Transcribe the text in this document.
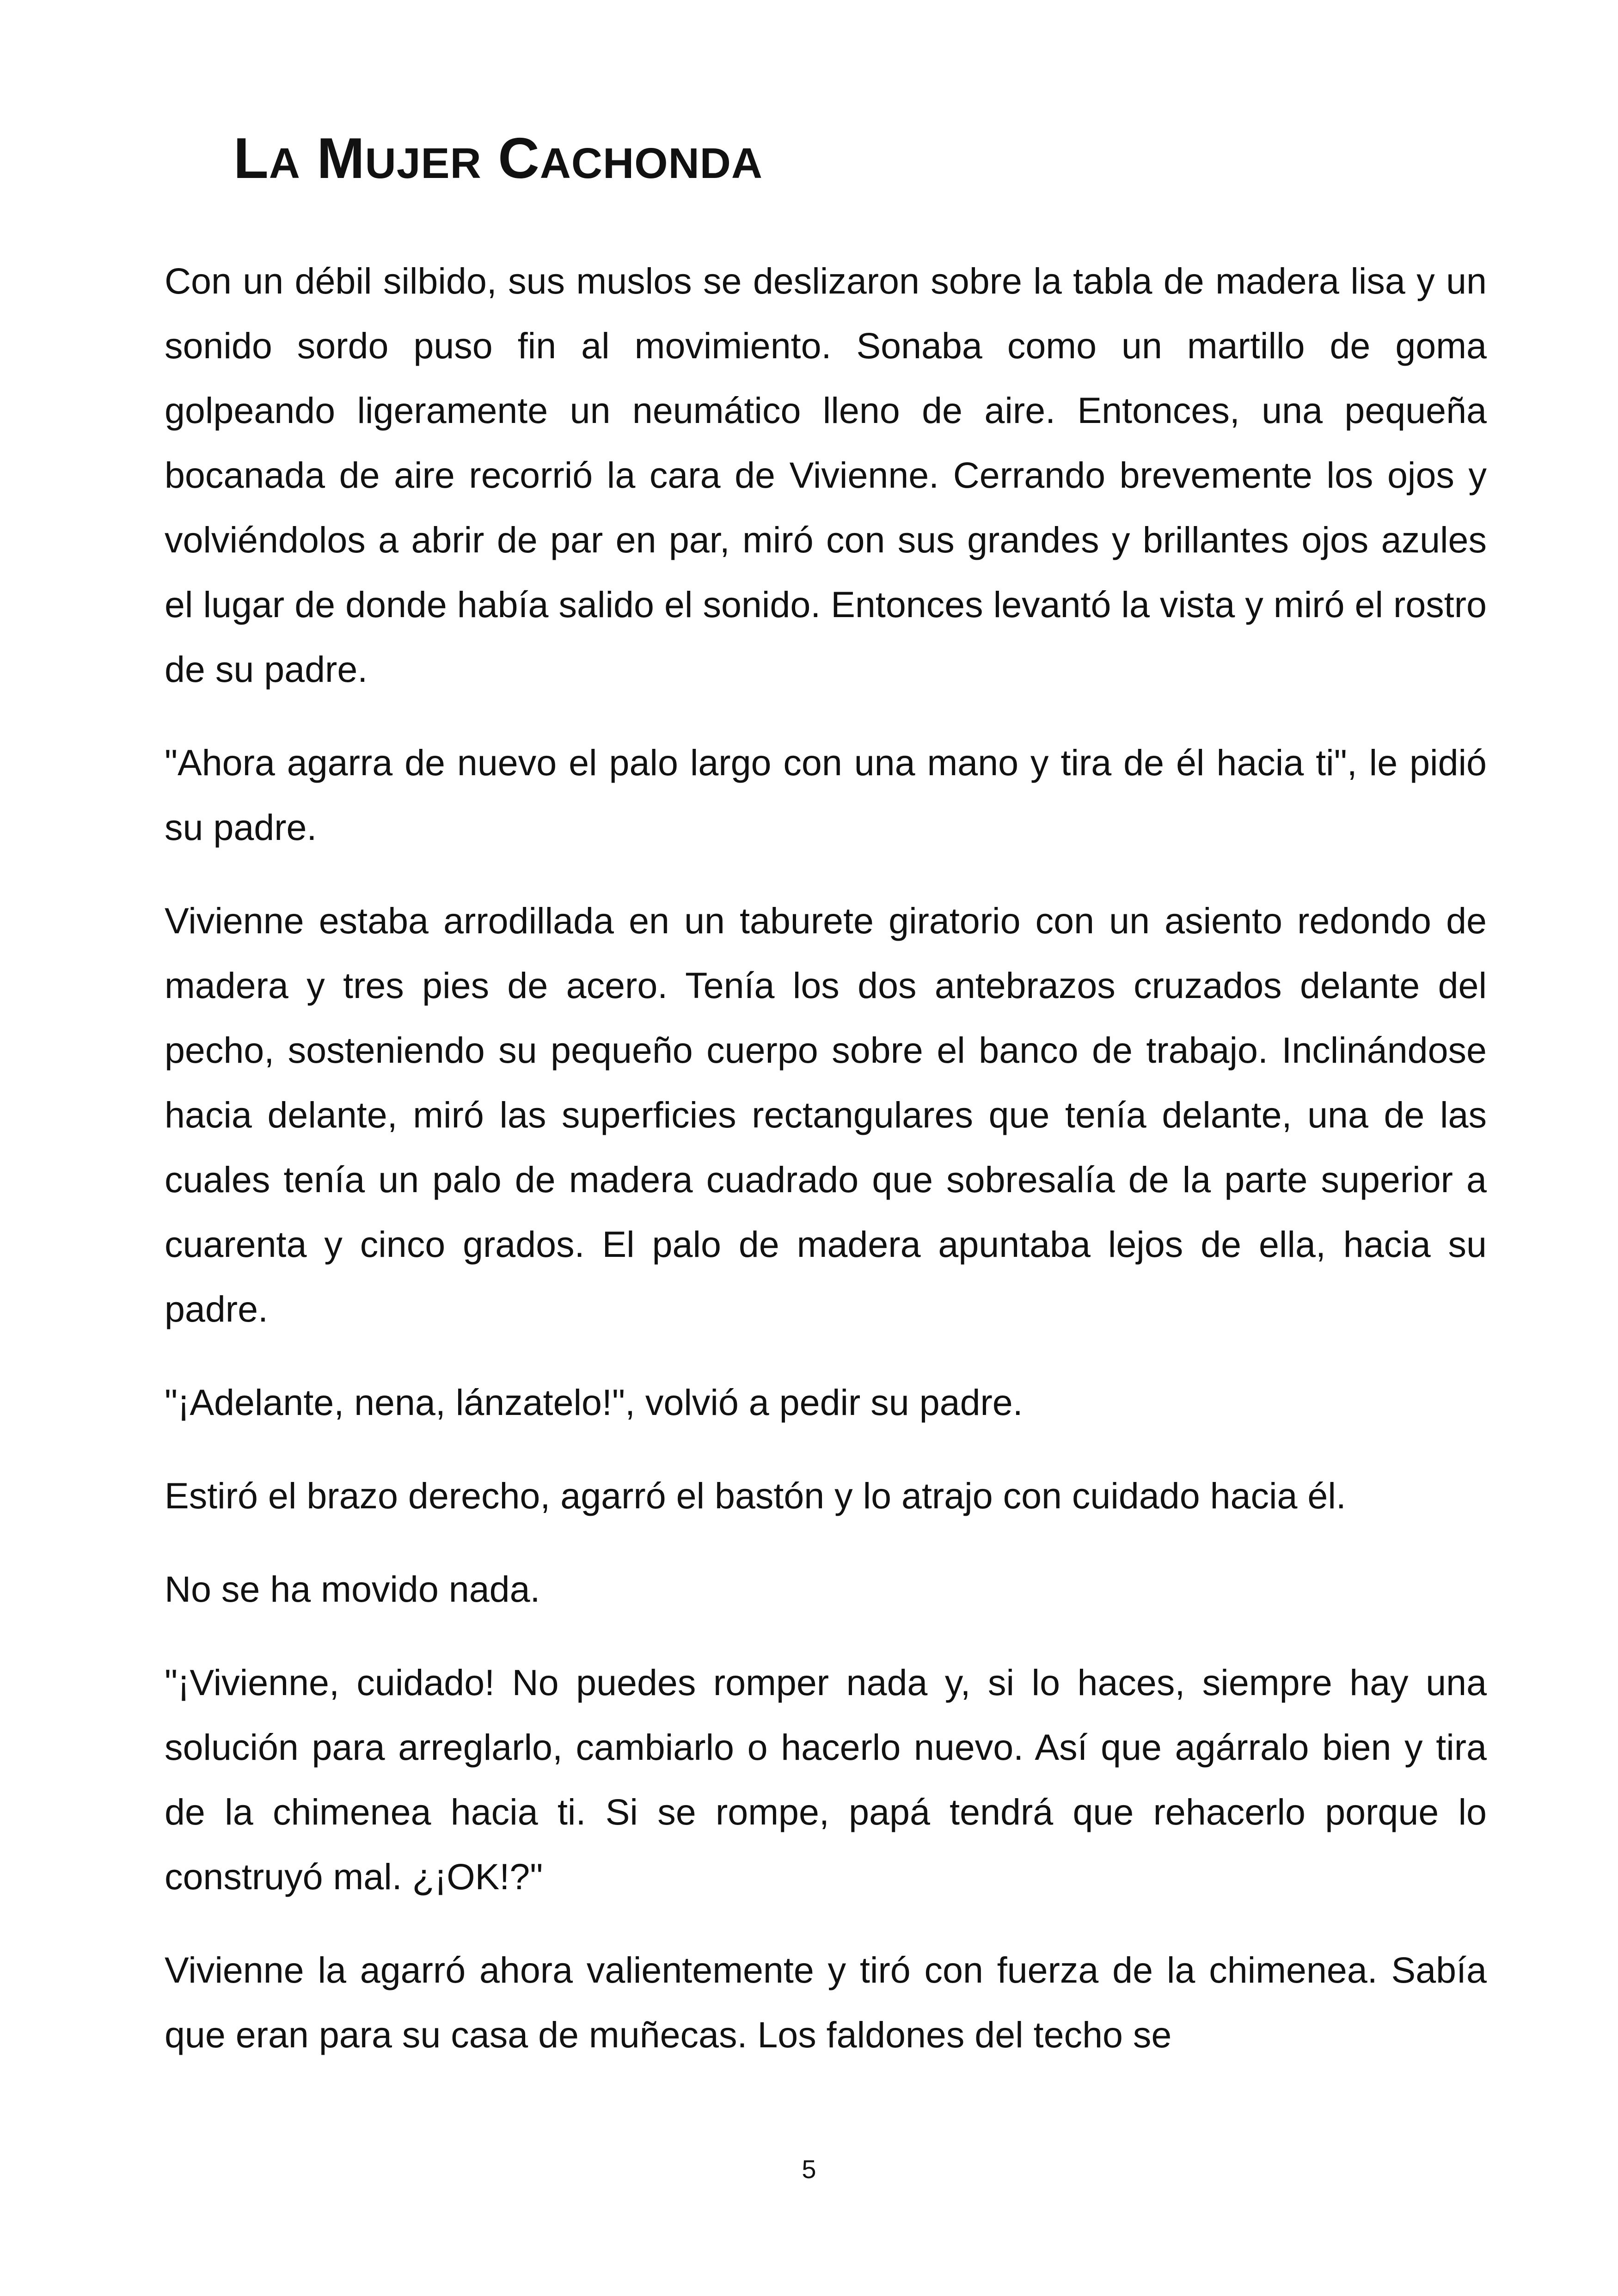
LA MUJER CACHONDA

Con un débil silbido, sus muslos se deslizaron sobre la tabla de madera lisa y un sonido sordo puso fin al movimiento. Sonaba como un martillo de goma golpeando ligeramente un neumático lleno de aire. Entonces, una pequeña bocanada de aire recorrió la cara de Vivienne. Cerrando brevemente los ojos y volviéndolos a abrir de par en par, miró con sus grandes y brillantes ojos azules el lugar de donde había salido el sonido. Entonces levantó la vista y miró el rostro de su padre.

"Ahora agarra de nuevo el palo largo con una mano y tira de él hacia ti", le pidió su padre.

Vivienne estaba arrodillada en un taburete giratorio con un asiento redondo de madera y tres pies de acero. Tenía los dos antebrazos cruzados delante del pecho, sosteniendo su pequeño cuerpo sobre el banco de trabajo. Inclinándose hacia delante, miró las superficies rectangulares que tenía delante, una de las cuales tenía un palo de madera cuadrado que sobresalía de la parte superior a cuarenta y cinco grados. El palo de madera apuntaba lejos de ella, hacia su padre.

"¡Adelante, nena, lánzatelo!", volvió a pedir su padre.

Estiró el brazo derecho, agarró el bastón y lo atrajo con cuidado hacia él.

No se ha movido nada.

"¡Vivienne, cuidado! No puedes romper nada y, si lo haces, siempre hay una solución para arreglarlo, cambiarlo o hacerlo nuevo. Así que agárralo bien y tira de la chimenea hacia ti. Si se rompe, papá tendrá que rehacerlo porque lo construyó mal. ¿¡OK!?"

Vivienne la agarró ahora valientemente y tiró con fuerza de la chimenea. Sabía que eran para su casa de muñecas. Los faldones del techo se

5
